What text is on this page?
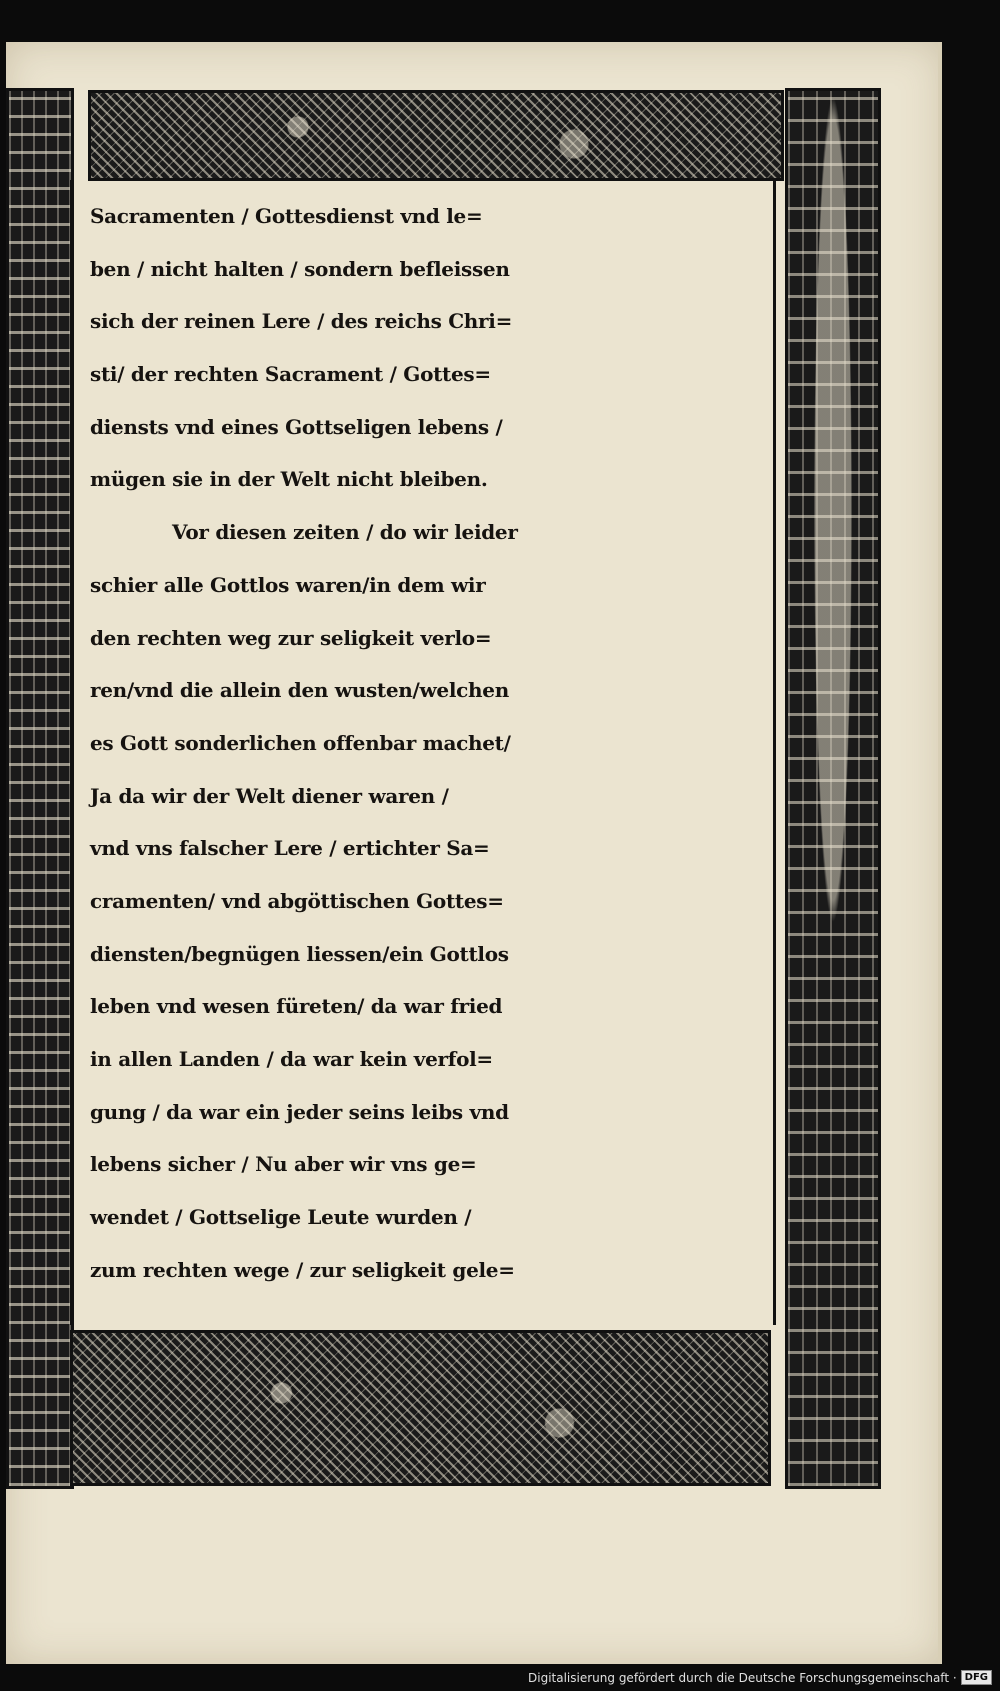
Sacramenten / Gottesdienst vnd le=
ben / nicht halten / sondern befleissen
sich der reinen Lere / des reichs Chri=
sti/ der rechten Sacrament / Gottes=
diensts vnd eines Gottseligen lebens /
mügen sie in der Welt nicht bleiben.
Vor diesen zeiten / do wir leider
schier alle Gottlos waren/in dem wir
den rechten weg zur seligkeit verlo=
ren/vnd die allein den wusten/welchen
es Gott sonderlichen offenbar machet/
Ja da wir der Welt diener waren /
vnd vns falscher Lere / ertichter Sa=
cramenten/ vnd abgöttischen Gottes=
diensten/begnügen liessen/ein Gottlos
leben vnd wesen füreten/ da war fried
in allen Landen / da war kein verfol=
gung / da war ein jeder seins leibs vnd
lebens sicher / Nu aber wir vns ge=
wendet / Gottselige Leute wurden /
zum rechten wege / zur seligkeit gele=
Digitalisierung gefördert durch die Deutsche Forschungsgemeinschaft · DFG
